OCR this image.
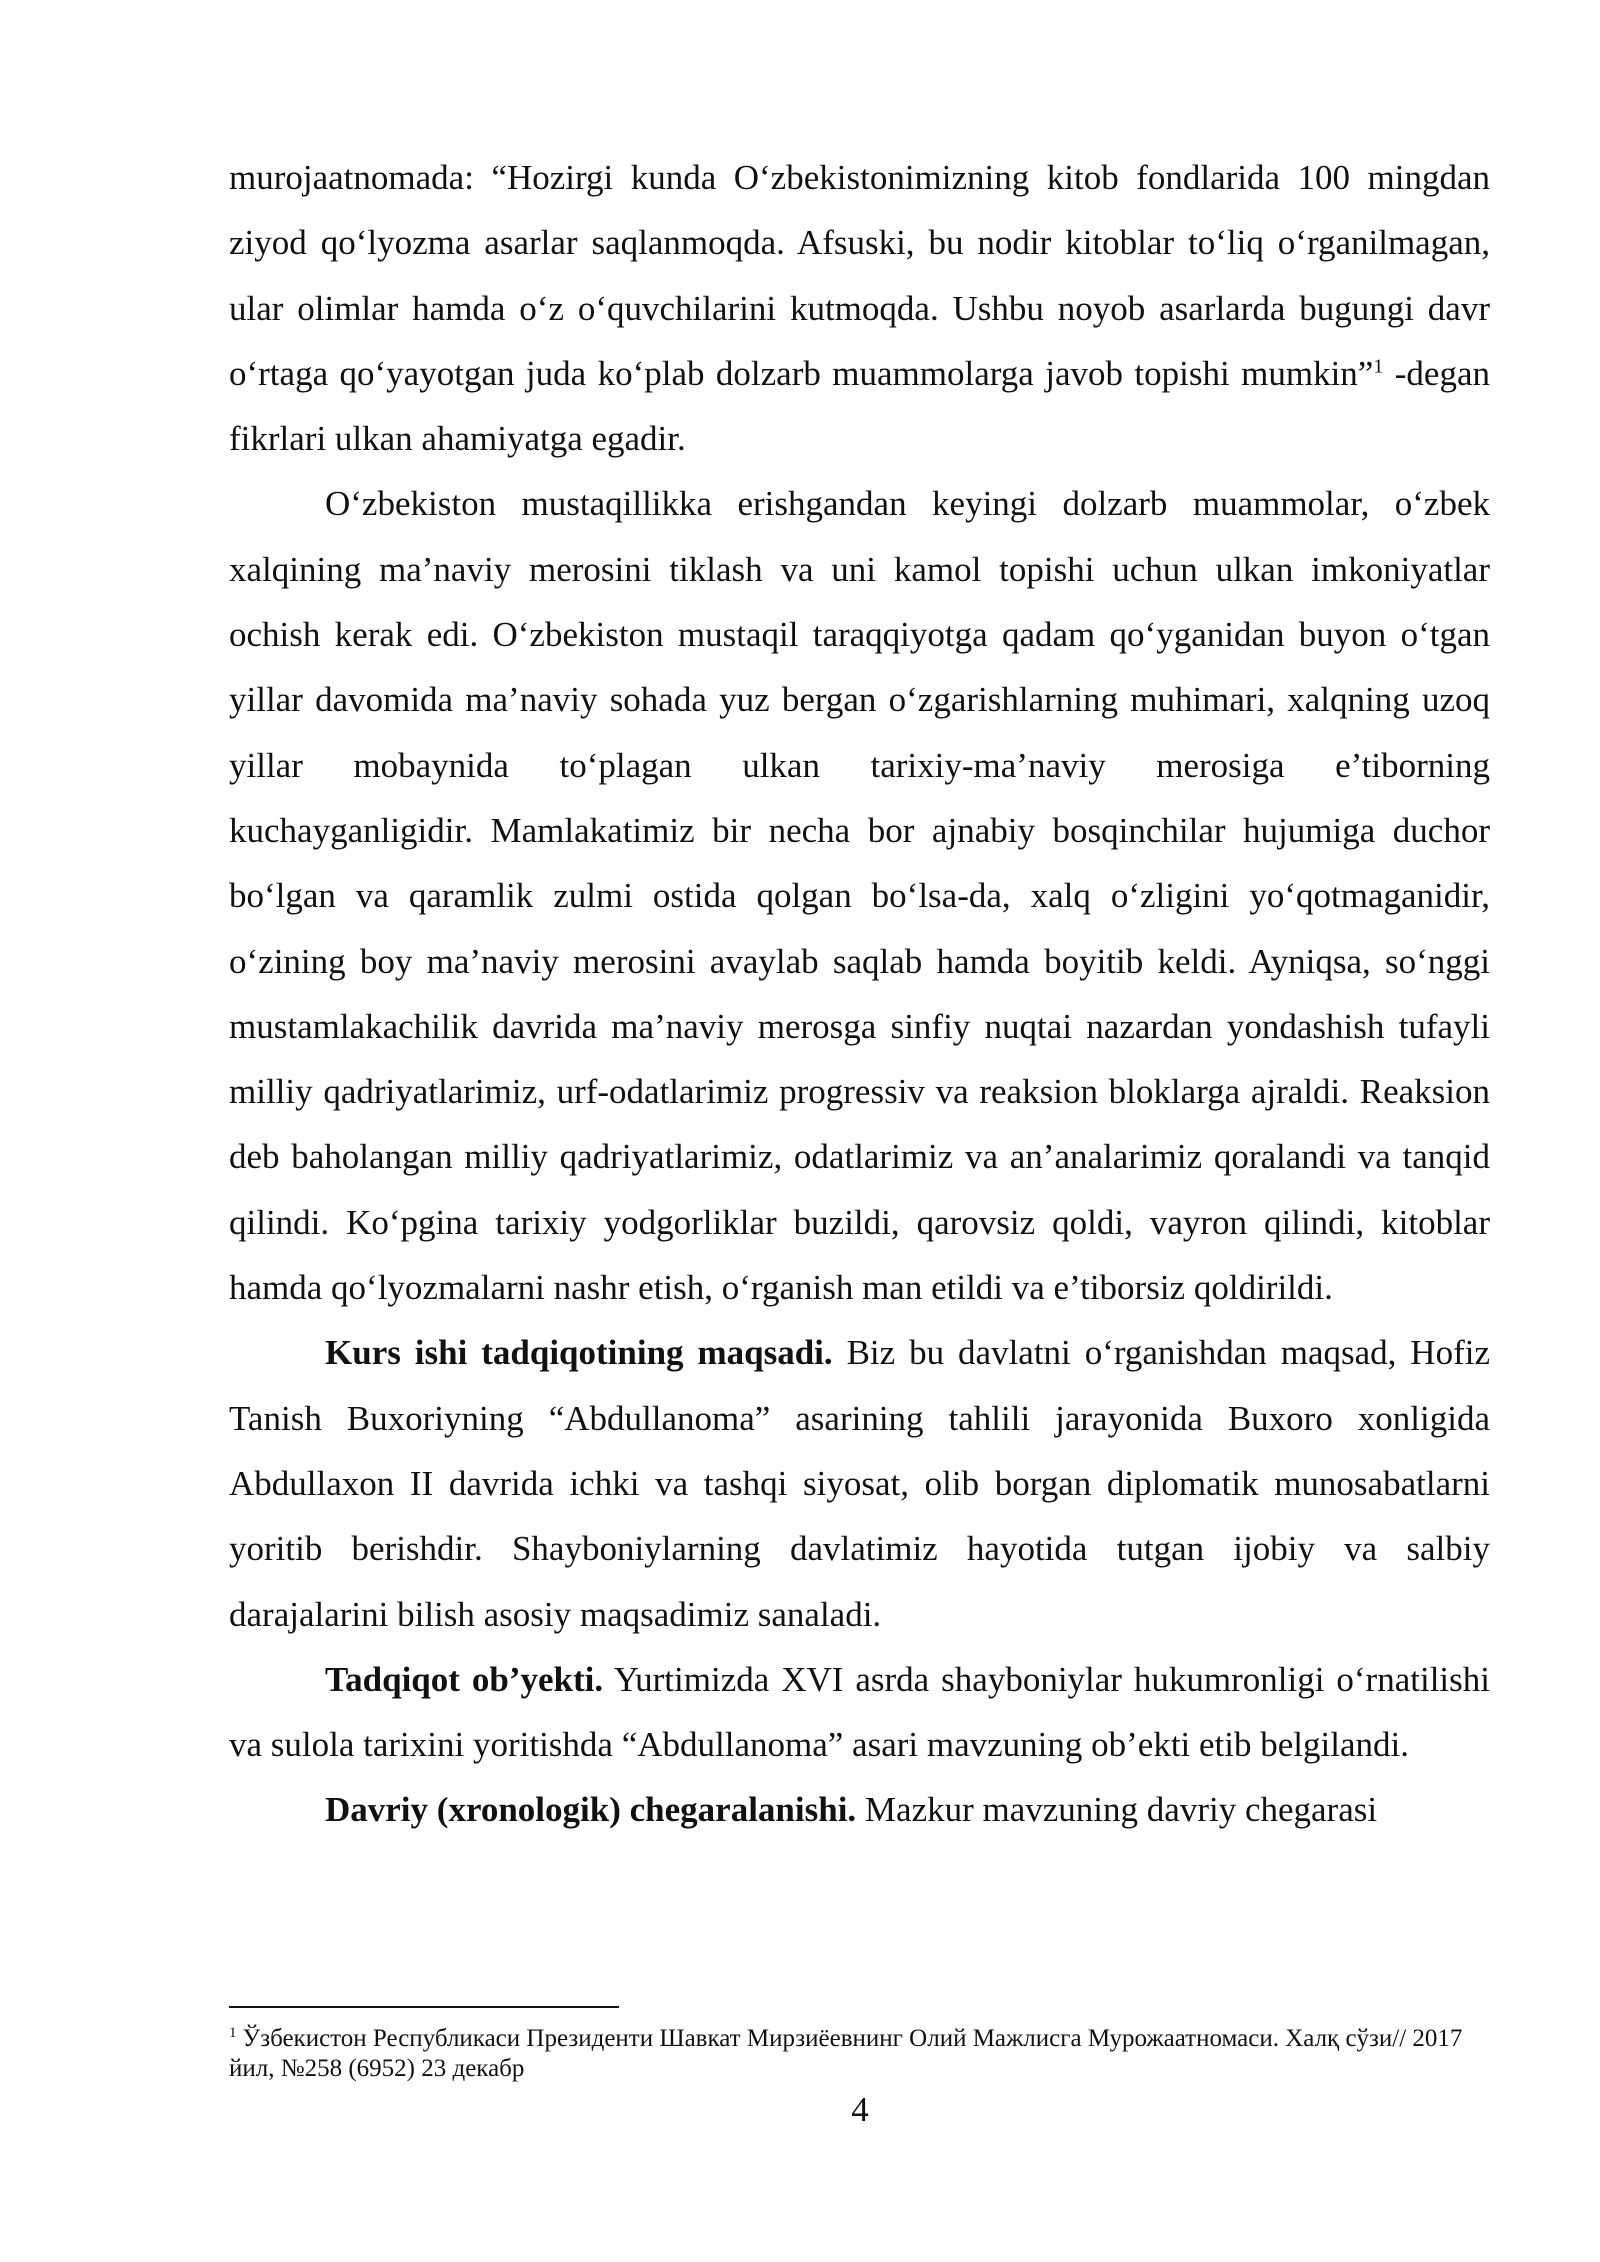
murojaatnomada: “Hozirgi kunda O‘zbekistonimizning kitob fondlarida 100 mingdan ziyod qo‘lyozma asarlar saqlanmoqda. Afsuski, bu nodir kitoblar to‘liq o‘rganilmagan, ular olimlar hamda o‘z o‘quvchilarini kutmoqda. Ushbu noyob asarlarda bugungi davr o‘rtaga qo‘yayotgan juda ko‘plab dolzarb muammolarga javob topishi mumkin”$^1$ -degan fikrlari ulkan ahamiyatga egadir.

O‘zbekiston mustaqillikka erishgandan keyingi dolzarb muammolar, o‘zbek xalqining ma’naviy merosini tiklash va uni kamol topishi uchun ulkan imkoniyatlar ochish kerak edi. O‘zbekiston mustaqil taraqqiyotga qadam qo‘yganidan buyon o‘tgan yillar davomida ma’naviy sohada yuz bergan o‘zgarishlarning muhimari, xalqning uzoq yillar mobaynida to‘plagan ulkan tarixiy-ma’naviy merosiga e’tiborning kuchayganligidir. Mamlakatimiz bir necha bor ajnabiy bosqinchilar hujumiga duchor bo‘lgan va qaramlik zulmi ostida qolgan bo‘lsa-da, xalq o‘zligini yo‘qotmaganidir, o‘zining boy ma’naviy merosini avaylab saqlab hamda boyitib keldi. Ayniqsa, so‘nggi mustamlakachilik davrida ma’naviy merosga sinfiy nuqtai nazardan yondashish tufayli milliy qadriyatlarimiz, urf-odatlarimiz progressiv va reaksion bloklarga ajraldi. Reaksion deb baholangan milliy qadriyatlarimiz, odatlarimiz va an’analarimiz qoralandi va tanqid qilindi. Ko‘pgina tarixiy yodgorliklar buzildi, qarovsiz qoldi, vayron qilindi, kitoblar hamda qo‘lyozmalarni nashr etish, o‘rganish man etildi va e’tiborsiz qoldirildi.

Kurs ishi tadqiqotining maqsadi. Biz bu davlatni o‘rganishdan maqsad, Hofiz Tanish Buxoriyning “Abdullanoma” asarining tahlili jarayonida Buxoro xonligida Abdullaxon II davrida ichki va tashqi siyosat, olib borgan diplomatik munosabatlarni yoritib berishdir. Shayboniylarning davlatimiz hayotida tutgan ijobiy va salbiy darajalarini bilish asosiy maqsadimiz sanaladi.

Tadqiqot ob’yekti. Yurtimizda XVI asrda shayboniylar hukumronligi o‘rnatilishi va sulola tarixini yoritishda “Abdullanoma” asari mavzuning ob’ekti etib belgilandi.

Davriy (xronologik) chegaralanishi. Mazkur mavzuning davriy chegarasi

$^1$ Ўзбекистон Республикаси Президенти Шавкат Мирзиёевнинг Олий Мажлисга Мурожаатномаси. Халқ сўзи// 2017 йил, №258 (6952) 23 декабр
4
